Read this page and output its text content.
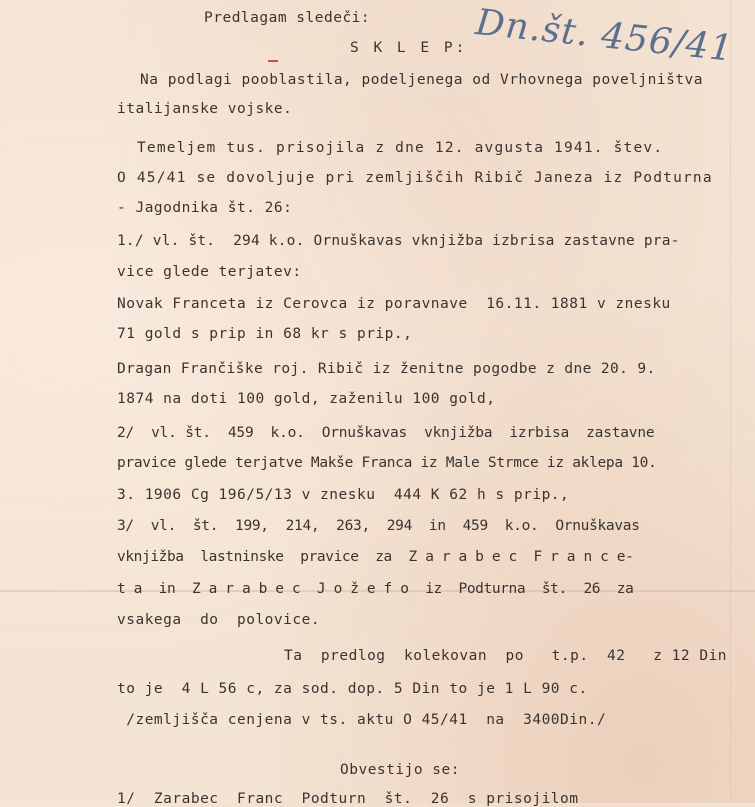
Dn.št. 456/41
Predlagam sledeči:
S K L E P:
Na podlagi pooblastila, podeljenega od Vrhovnega poveljništva
italijanske vojske.
Temeljem tus. prisojila z dne 12. avgusta 1941. štev.
O 45/41 se dovoljuje pri zemljiščih Ribič Janeza iz Podturna
- Jagodnika št. 26:
1./ vl. št.  294 k.o. Ornuškavas vknjižba izbrisa zastavne pra-
vice glede terjatev:
Novak Franceta iz Cerovca iz poravnave  16.11. 1881 v znesku
71 gold s prip in 68 kr s prip.,
Dragan Frančiške roj. Ribič iz ženitne pogodbe z dne 20. 9.
1874 na doti 100 gold, zaženilu 100 gold,
2/  vl. št.  459  k.o.  Ornuškavas  vknjižba  izrbisa  zastavne
pravice glede terjatve Makše Franca iz Male Strmce iz aklepa 10.
3. 1906 Cg 196/5/13 v znesku  444 K 62 h s prip.,
3/  vl.  št.  199,  214,  263,  294  in  459  k.o.  Ornuškavas
vknjižba  lastninske  pravice  za  Z a r a b e c  F r a n c e-
t a  in  Z a r a b e c  J o ž e f o  iz  Podturna  št.  26  za
vsakega  do  polovice.
Ta  predlog  kolekovan  po   t.p.  42   z 12 Din
to je  4 L 56 c, za sod. dop. 5 Din to je 1 L 90 c.
/zemljišča cenjena v ts. aktu O 45/41  na  3400Din./
Obvestijo se:
1/  Zarabec  Franc  Podturn  št.  26  s prisojilom
